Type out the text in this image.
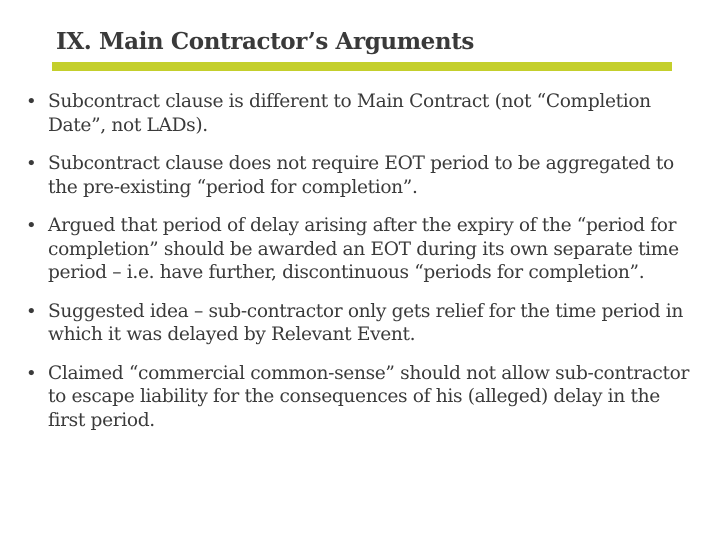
IX. Main Contractor’s Arguments
• Subcontract clause is different to Main Contract (not “Completion Date”, not LADs).
• Subcontract clause does not require EOT period to be aggregated to the pre-existing “period for completion”.
• Argued that period of delay arising after the expiry of the “period for completion” should be awarded an EOT during its own separate time period – i.e. have further, discontinuous “periods for completion”.
• Suggested idea – sub-contractor only gets relief for the time period in which it was delayed by Relevant Event.
• Claimed “commercial common-sense” should not allow sub-contractor to escape liability for the consequences of his (alleged) delay in the first period.
